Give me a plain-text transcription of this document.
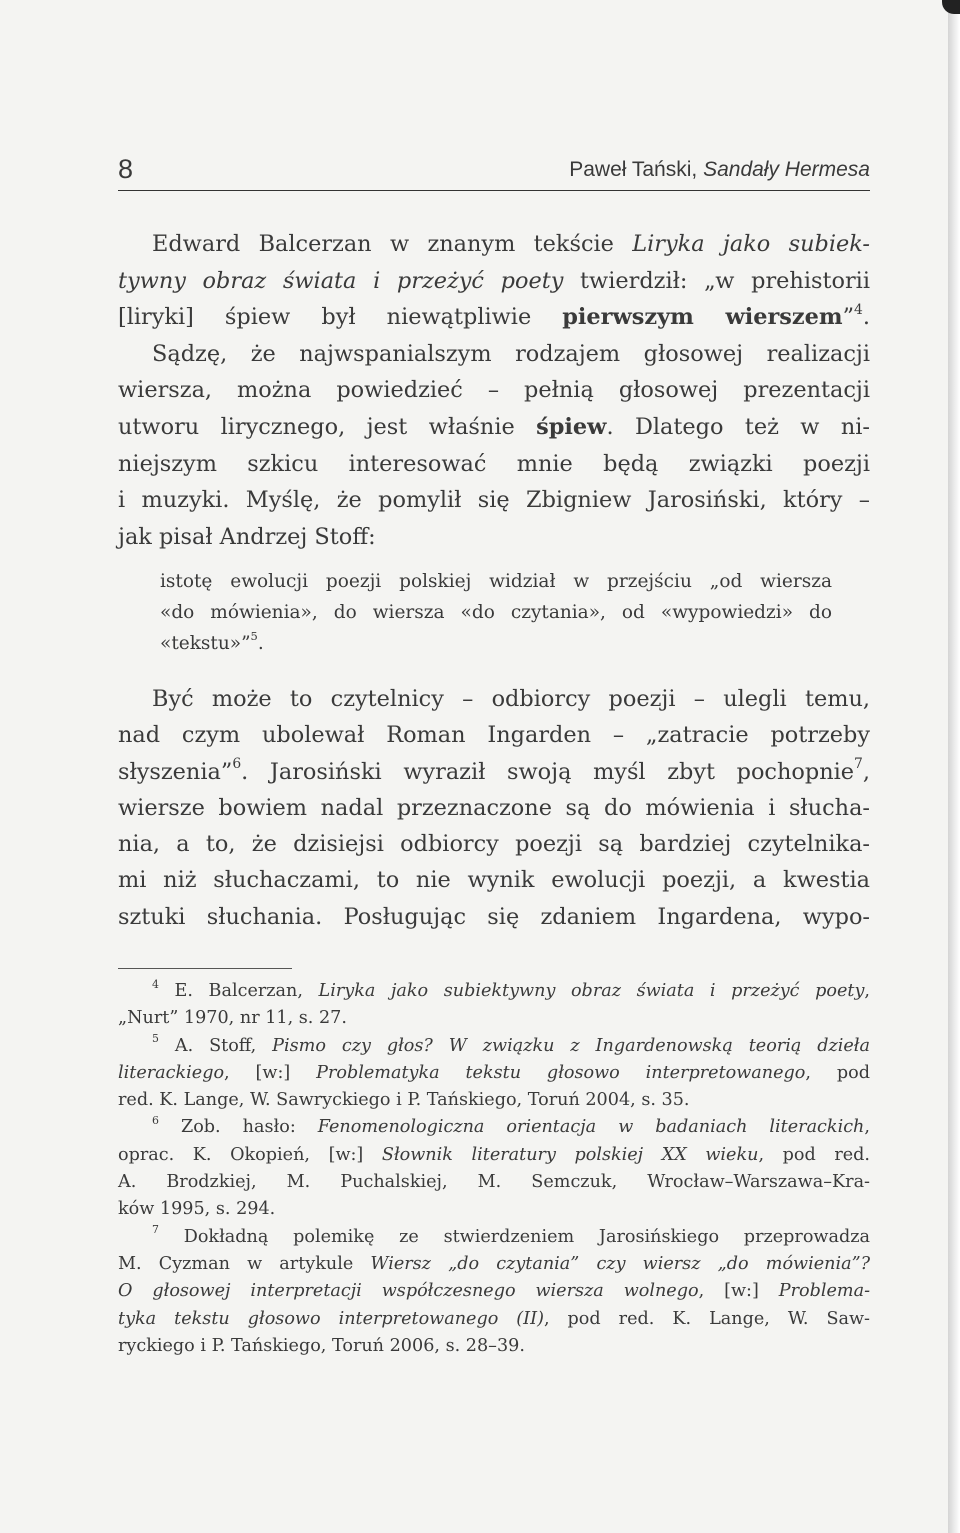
8	Paweł Tański, Sandały Hermesa
Edward Balcerzan w znanym tekście Liryka jako subiek-
tywny obraz świata i przeżyć poety twierdził: „w prehistorii
[liryki] śpiew był niewątpliwie pierwszym wierszem”$^4$.
Sądzę, że najwspanialszym rodzajem głosowej realizacji
wiersza, można powiedzieć – pełnią głosowej prezentacji
utworu lirycznego, jest właśnie śpiew. Dlatego też w ni-
niejszym szkicu interesować mnie będą związki poezji
i muzyki. Myślę, że pomylił się Zbigniew Jarosiński, który –
jak pisał Andrzej Stoff:
istotę ewolucji poezji polskiej widział w przejściu „od wiersza
«do mówienia», do wiersza «do czytania», od «wypowiedzi» do
«tekstu»”$^5$.
Być może to czytelnicy – odbiorcy poezji – ulegli temu,
nad czym ubolewał Roman Ingarden – „zatracie potrzeby
słyszenia”$^6$. Jarosiński wyraził swoją myśl zbyt pochopnie$^7$,
wiersze bowiem nadal przeznaczone są do mówienia i słucha-
nia, a to, że dzisiejsi odbiorcy poezji są bardziej czytelnika-
mi niż słuchaczami, to nie wynik ewolucji poezji, a kwestia
sztuki słuchania. Posługując się zdaniem Ingardena, wypo-
$^4$ E. Balcerzan, Liryka jako subiektywny obraz świata i przeżyć poety,
„Nurt” 1970, nr 11, s. 27.
$^5$ A. Stoff, Pismo czy głos? W związku z Ingardenowską teorią dzieła
literackiego, [w:] Problematyka tekstu głosowo interpretowanego, pod
red. K. Lange, W. Sawryckiego i P. Tańskiego, Toruń 2004, s. 35.
$^6$ Zob. hasło: Fenomenologiczna orientacja w badaniach literackich,
oprac. K. Okopień, [w:] Słownik literatury polskiej XX wieku, pod red.
A. Brodzkiej, M. Puchalskiej, M. Semczuk, Wrocław–Warszawa–Kra-
ków 1995, s. 294.
$^7$ Dokładną polemikę ze stwierdzeniem Jarosińskiego przeprowadza
M. Cyzman w artykule Wiersz „do czytania” czy wiersz „do mówienia”?
O głosowej interpretacji współczesnego wiersza wolnego, [w:] Problema-
tyka tekstu głosowo interpretowanego (II), pod red. K. Lange, W. Saw-
ryckiego i P. Tańskiego, Toruń 2006, s. 28–39.
